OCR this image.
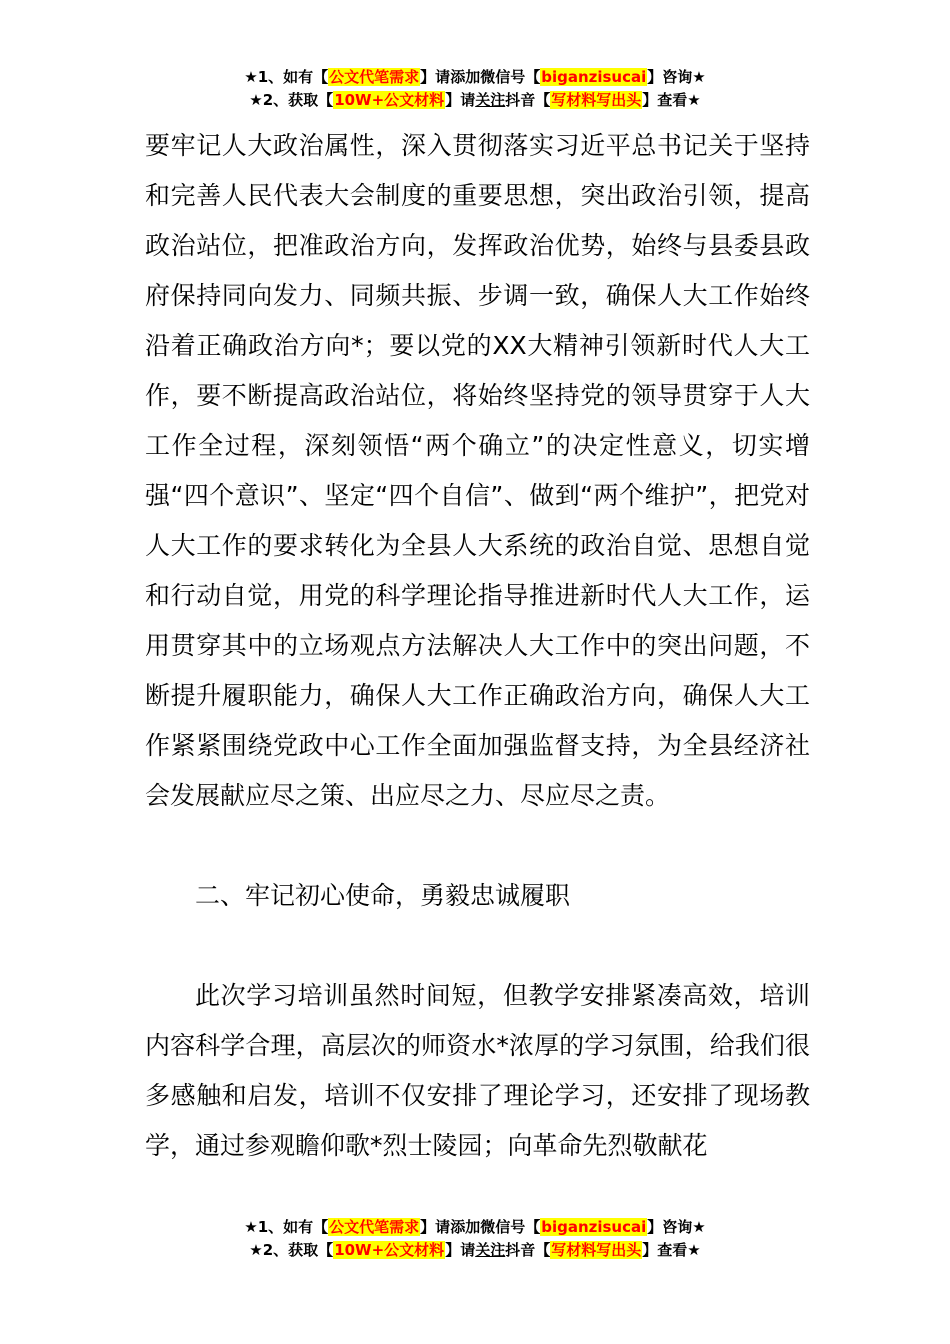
★1、如有【公文代笔需求】请添加微信号【biganzisucai】咨询★
★2、获取【10W+公文材料】请关注抖音【写材料写出头】查看★

要牢记人大政治属性，深入贯彻落实习近平总书记关于坚持和完善人民代表大会制度的重要思想，突出政治引领，提高政治站位，把准政治方向，发挥政治优势，始终与县委县政府保持同向发力、同频共振、步调一致，确保人大工作始终沿着正确政治方向*；要以党的XX大精神引领新时代人大工作，要不断提高政治站位，将始终坚持党的领导贯穿于人大工作全过程，深刻领悟“两个确立”的决定性意义，切实增强“四个意识”、坚定“四个自信”、做到“两个维护”，把党对人大工作的要求转化为全县人大系统的政治自觉、思想自觉和行动自觉，用党的科学理论指导推进新时代人大工作，运用贯穿其中的立场观点方法解决人大工作中的突出问题，不断提升履职能力，确保人大工作正确政治方向，确保人大工作紧紧围绕党政中心工作全面加强监督支持，为全县经济社会发展献应尽之策、出应尽之力、尽应尽之责。

二、牢记初心使命，勇毅忠诚履职

此次学习培训虽然时间短，但教学安排紧凑高效，培训内容科学合理，高层次的师资水*浓厚的学习氛围，给我们很多感触和启发，培训不仅安排了理论学习，还安排了现场教学，通过参观瞻仰歌*烈士陵园；向革命先烈敬献花

★1、如有【公文代笔需求】请添加微信号【biganzisucai】咨询★
★2、获取【10W+公文材料】请关注抖音【写材料写出头】查看★
